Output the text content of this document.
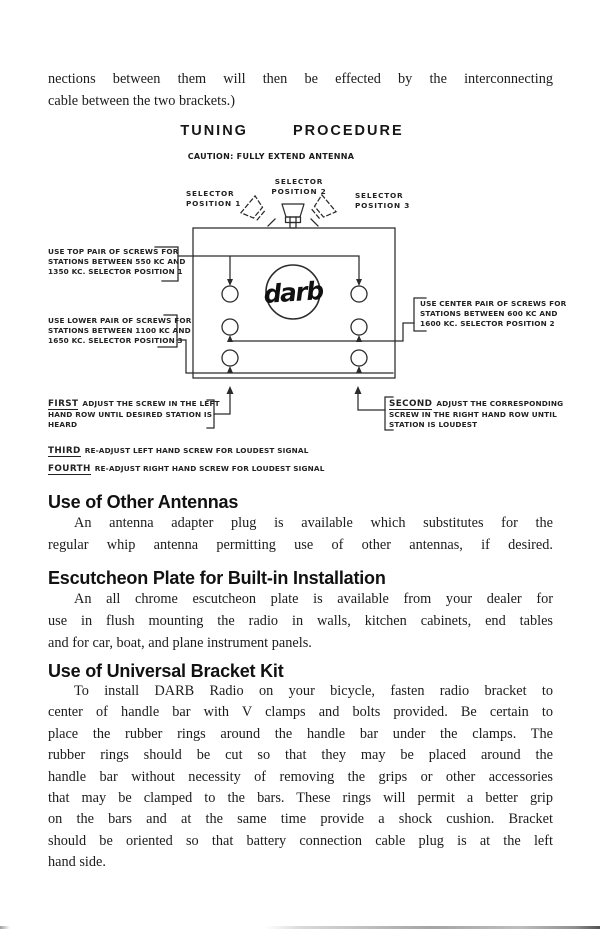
nections between them will then be effected by the interconnecting
cable between the two brackets.)
TUNING	PROCEDURE
CAUTION: FULLY EXTEND ANTENNA
darb
SELECTOR
POSITION 1
SELECTOR
POSITION 2	SELECTOR
POSITION 3
USE TOP PAIR OF SCREWS FOR
STATIONS BETWEEN 550 KC AND
1350 KC. SELECTOR POSITION 1
USE LOWER PAIR OF SCREWS FOR
STATIONS BETWEEN 1100 KC AND
1650 KC. SELECTOR POSITION 3
USE CENTER PAIR OF SCREWS FOR
STATIONS BETWEEN 600 KC AND
1600 KC. SELECTOR POSITION 2
FIRST ADJUST THE SCREW IN THE LEFT
HAND ROW UNTIL DESIRED STATION IS
HEARD
SECOND ADJUST THE CORRESPONDING
SCREW IN THE RIGHT HAND ROW UNTIL
STATION IS LOUDEST
THIRD RE-ADJUST LEFT HAND SCREW FOR LOUDEST SIGNAL
FOURTH RE-ADJUST RIGHT HAND SCREW FOR LOUDEST SIGNAL
Use of Other Antennas
An antenna adapter plug is available which substitutes for the
regular whip antenna permitting use of other antennas, if desired.
Escutcheon Plate for Built-in Installation
An all chrome escutcheon plate is available from your dealer for
use in flush mounting the radio in walls, kitchen cabinets, end tables
and for car, boat, and plane instrument panels.
Use of Universal Bracket Kit
To install DARB Radio on your bicycle, fasten radio bracket to
center of handle bar with V clamps and bolts provided. Be certain to
place the rubber rings around the handle bar under the clamps. The
rubber rings should be cut so that they may be placed around the
handle bar without necessity of removing the grips or other accessories
that may be clamped to the bars. These rings will permit a better grip
on the bars and at the same time provide a shock cushion. Bracket
should be oriented so that battery connection cable plug is at the left
hand side.
